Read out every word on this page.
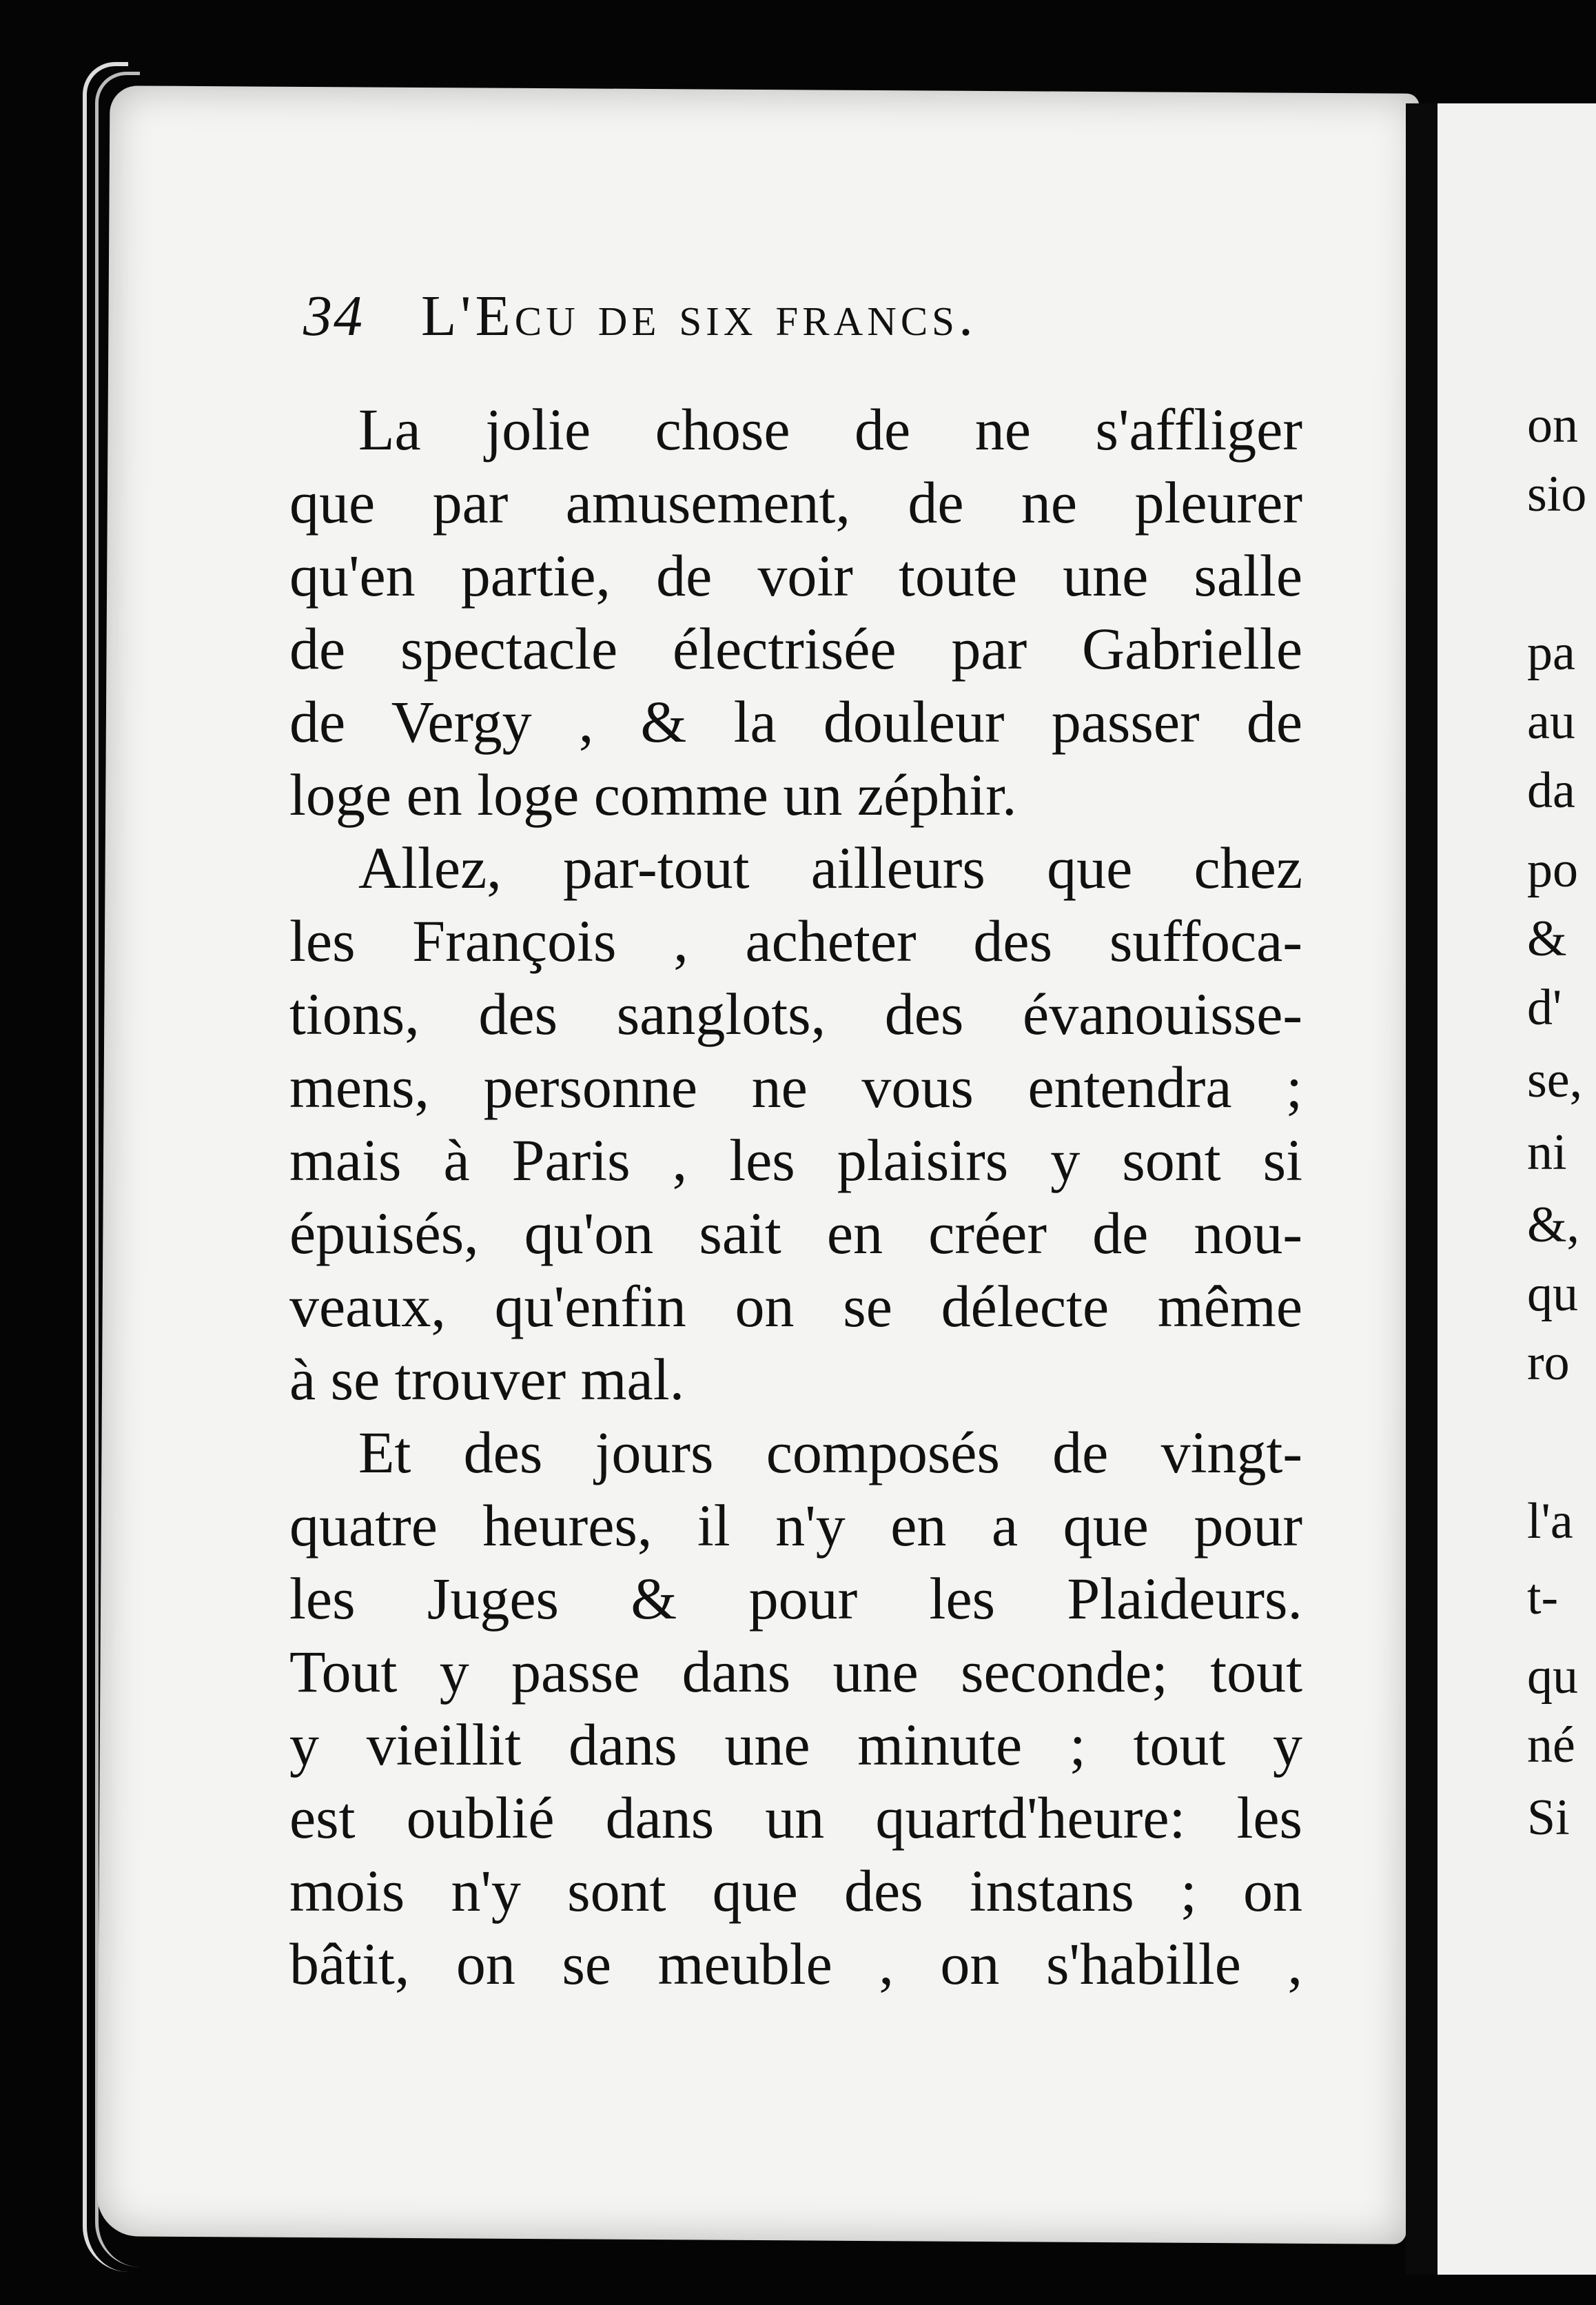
34 L'Ecu de six francs.
La jolie chose de ne s'affliger
que par amusement, de ne pleurer
qu'en partie, de voir toute une salle
de spectacle électrisée par Gabrielle
de Vergy , & la douleur passer de
loge en loge comme un zéphir.
Allez, par-tout ailleurs que chez
les François , acheter des suffoca-
tions, des sanglots, des évanouisse-
mens, personne ne vous entendra ;
mais à Paris , les plaisirs y sont si
épuisés, qu'on sait en créer de nou-
veaux, qu'enfin on se délecte même
à se trouver mal.
Et des jours composés de vingt-
quatre heures, il n'y en a que pour
les Juges & pour les Plaideurs.
Tout y passe dans une seconde; tout
y vieillit dans une minute ; tout y
est oublié dans un quartd'heure: les
mois n'y sont que des instans ; on
bâtit, on se meuble , on s'habille ,
on
sio
pa
au
da
po
&
d'
se,
ni
&,
qu
ro
l'a
t-
qu
né
Si
